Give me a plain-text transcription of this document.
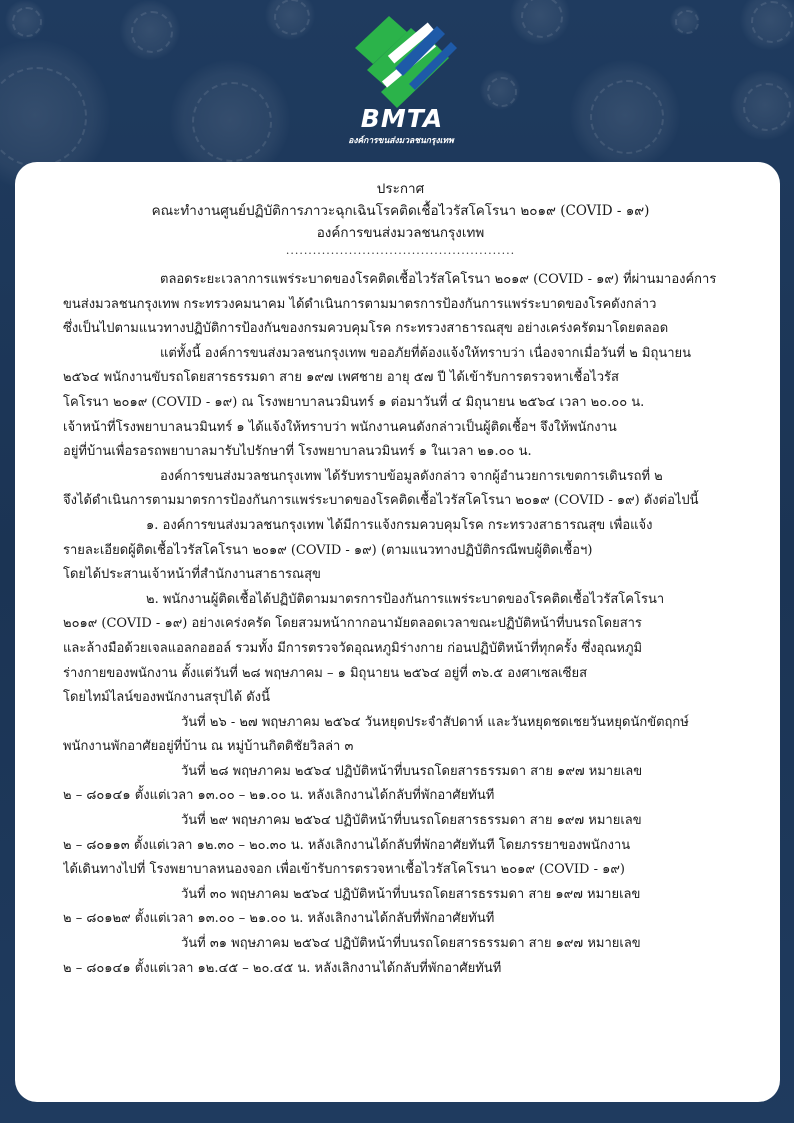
BMTA
องค์การขนส่งมวลชนกรุงเทพ
ประกาศ
คณะทำงานศูนย์ปฏิบัติการภาวะฉุกเฉินโรคติดเชื้อไวรัสโคโรนา ๒๐๑๙ (COVID - ๑๙)
องค์การขนส่งมวลชนกรุงเทพ
...................................................
ตลอดระยะเวลาการแพร่ระบาดของโรคติดเชื้อไวรัสโคโรนา ๒๐๑๙ (COVID - ๑๙) ที่ผ่านมาองค์การ
ขนส่งมวลชนกรุงเทพ กระทรวงคมนาคม ได้ดำเนินการตามมาตรการป้องกันการแพร่ระบาดของโรคดังกล่าว
ซึ่งเป็นไปตามแนวทางปฏิบัติการป้องกันของกรมควบคุมโรค กระทรวงสาธารณสุข อย่างเคร่งครัดมาโดยตลอด
แต่ทั้งนี้ องค์การขนส่งมวลชนกรุงเทพ ขออภัยที่ต้องแจ้งให้ทราบว่า เนื่องจากเมื่อวันที่ ๒ มิถุนายน
๒๕๖๔ พนักงานขับรถโดยสารธรรมดา สาย ๑๙๗ เพศชาย อายุ ๕๗ ปี ได้เข้ารับการตรวจหาเชื้อไวรัส
โคโรนา ๒๐๑๙ (COVID - ๑๙) ณ โรงพยาบาลนวมินทร์ ๑ ต่อมาวันที่ ๔ มิถุนายน ๒๕๖๔ เวลา ๒๐.๐๐ น.
เจ้าหน้าที่โรงพยาบาลนวมินทร์ ๑ ได้แจ้งให้ทราบว่า พนักงานคนดังกล่าวเป็นผู้ติดเชื้อฯ จึงให้พนักงาน
อยู่ที่บ้านเพื่อรอรถพยาบาลมารับไปรักษาที่ โรงพยาบาลนวมินทร์ ๑ ในเวลา ๒๑.๐๐ น.
องค์การขนส่งมวลชนกรุงเทพ ได้รับทราบข้อมูลดังกล่าว จากผู้อำนวยการเขตการเดินรถที่ ๒
จึงได้ดำเนินการตามมาตรการป้องกันการแพร่ระบาดของโรคติดเชื้อไวรัสโคโรนา ๒๐๑๙ (COVID - ๑๙) ดังต่อไปนี้
๑. องค์การขนส่งมวลชนกรุงเทพ ได้มีการแจ้งกรมควบคุมโรค กระทรวงสาธารณสุข เพื่อแจ้ง
รายละเอียดผู้ติดเชื้อไวรัสโคโรนา ๒๐๑๙ (COVID - ๑๙) (ตามแนวทางปฏิบัติกรณีพบผู้ติดเชื้อฯ)
โดยได้ประสานเจ้าหน้าที่สำนักงานสาธารณสุข
๒. พนักงานผู้ติดเชื้อได้ปฏิบัติตามมาตรการป้องกันการแพร่ระบาดของโรคติดเชื้อไวรัสโคโรนา
๒๐๑๙ (COVID - ๑๙) อย่างเคร่งครัด โดยสวมหน้ากากอนามัยตลอดเวลาขณะปฏิบัติหน้าที่บนรถโดยสาร
และล้างมือด้วยเจลแอลกอฮอล์ รวมทั้ง มีการตรวจวัดอุณหภูมิร่างกาย ก่อนปฏิบัติหน้าที่ทุกครั้ง ซึ่งอุณหภูมิ
ร่างกายของพนักงาน ตั้งแต่วันที่ ๒๘ พฤษภาคม – ๑ มิถุนายน ๒๕๖๔ อยู่ที่ ๓๖.๕ องศาเซลเซียส
โดยไทม์ไลน์ของพนักงานสรุปได้ ดังนี้
วันที่ ๒๖ - ๒๗ พฤษภาคม ๒๕๖๔ วันหยุดประจำสัปดาห์ และวันหยุดชดเชยวันหยุดนักขัตฤกษ์
พนักงานพักอาศัยอยู่ที่บ้าน ณ หมู่บ้านกิตติชัยวิลล่า ๓
วันที่ ๒๘ พฤษภาคม ๒๕๖๔ ปฏิบัติหน้าที่บนรถโดยสารธรรมดา สาย ๑๙๗ หมายเลข
๒ – ๘๐๑๔๑ ตั้งแต่เวลา ๑๓.๐๐ – ๒๑.๐๐ น. หลังเลิกงานได้กลับที่พักอาศัยทันที
วันที่ ๒๙ พฤษภาคม ๒๕๖๔ ปฏิบัติหน้าที่บนรถโดยสารธรรมดา สาย ๑๙๗ หมายเลข
๒ – ๘๐๑๑๓ ตั้งแต่เวลา ๑๒.๓๐ – ๒๐.๓๐ น. หลังเลิกงานได้กลับที่พักอาศัยทันที โดยภรรยาของพนักงาน
ได้เดินทางไปที่ โรงพยาบาลหนองจอก เพื่อเข้ารับการตรวจหาเชื้อไวรัสโคโรนา ๒๐๑๙ (COVID - ๑๙)
วันที่ ๓๐ พฤษภาคม ๒๕๖๔ ปฏิบัติหน้าที่บนรถโดยสารธรรมดา สาย ๑๙๗ หมายเลข
๒ – ๘๐๑๒๙ ตั้งแต่เวลา ๑๓.๐๐ – ๒๑.๐๐ น. หลังเลิกงานได้กลับที่พักอาศัยทันที
วันที่ ๓๑ พฤษภาคม ๒๕๖๔ ปฏิบัติหน้าที่บนรถโดยสารธรรมดา สาย ๑๙๗ หมายเลข
๒ – ๘๐๑๔๑ ตั้งแต่เวลา ๑๒.๔๕ – ๒๐.๔๕ น. หลังเลิกงานได้กลับที่พักอาศัยทันที
